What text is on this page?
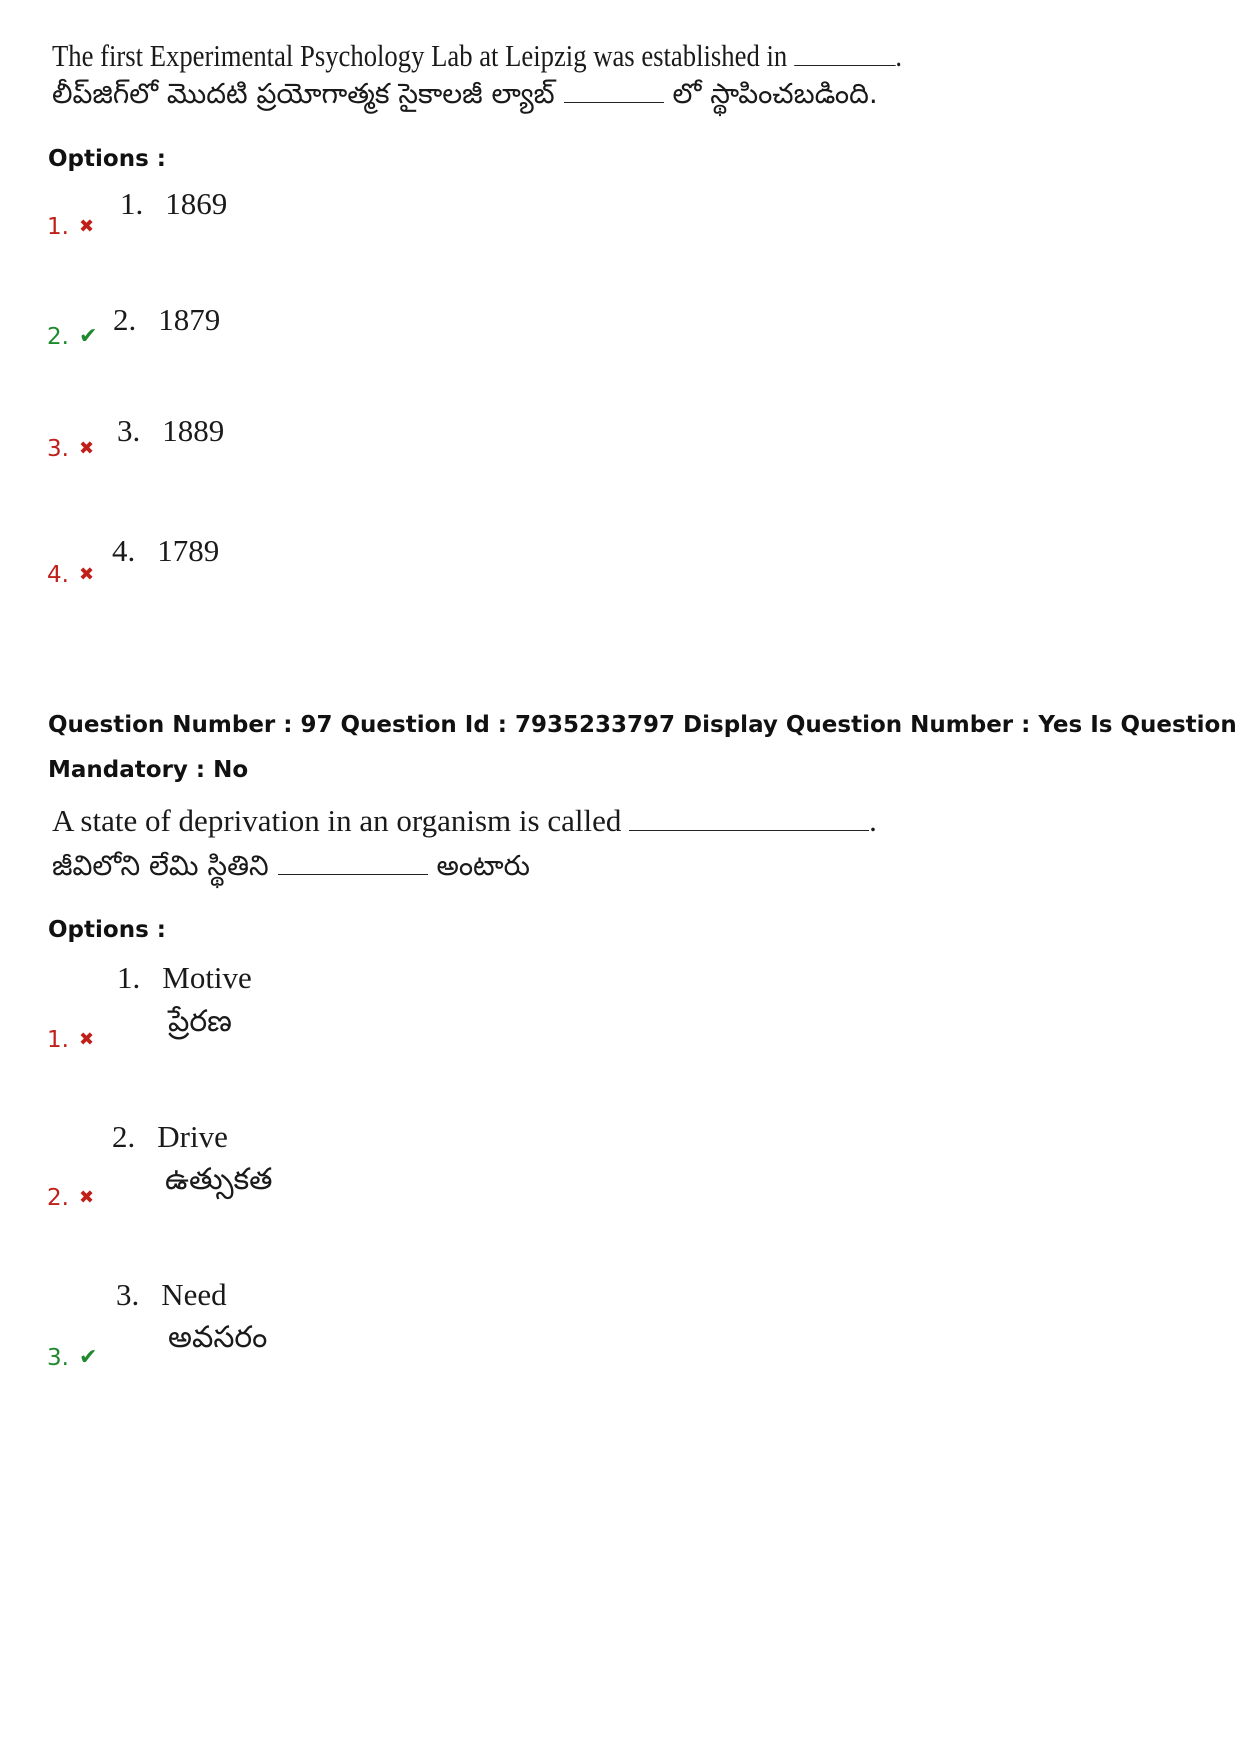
The first Experimental Psychology Lab at Leipzig was established in	.
లీప్‌జిగ్‌లో మొదటి ప్రయోగాత్మక సైకాలజీ ల్యాబ్	లో స్థాపించబడింది.
Options :
1. ✖
1. 1869
2. ✔ 2. 1879
3. ✖
3. 1889
4. ✖
4. 1789
Question Number : 97 Question Id : 7935233797 Display Question Number : Yes Is Question
Mandatory : No
A state of deprivation in an organism is called	.
జీవిలోని లేమి స్థితిని	అంటారు
Options :
1. ✖
1. Motive
ప్రేరణ
2. ✖
2. Drive
ఉత్సుకత
3. ✔
3. Need
అవసరం
